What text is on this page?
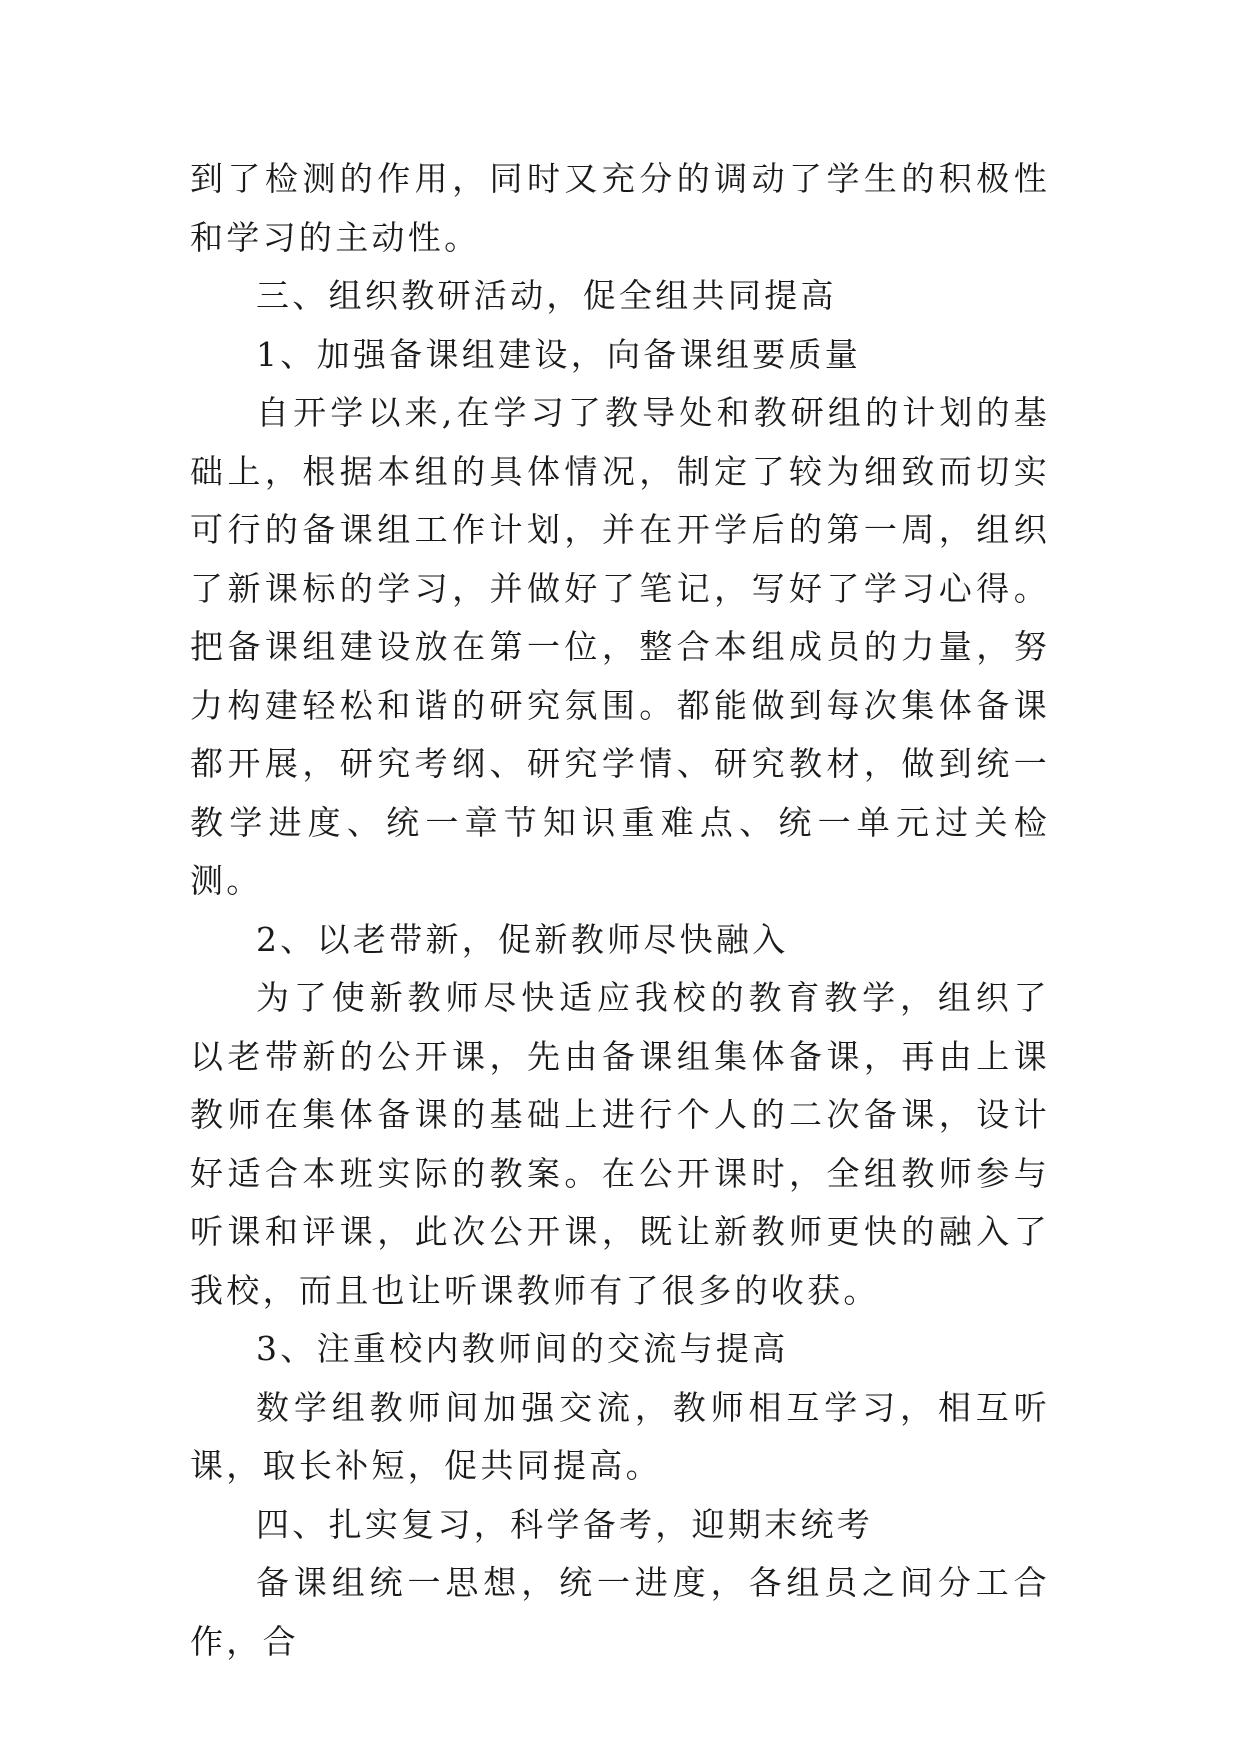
到了检测的作用，同时又充分的调动了学生的积极性和学习的主动性。

三、组织教研活动，促全组共同提高

1、加强备课组建设，向备课组要质量

自开学以来,在学习了教导处和教研组的计划的基础上，根据本组的具体情况，制定了较为细致而切实可行的备课组工作计划，并在开学后的第一周，组织了新课标的学习，并做好了笔记，写好了学习心得。把备课组建设放在第一位，整合本组成员的力量，努力构建轻松和谐的研究氛围。都能做到每次集体备课都开展，研究考纲、研究学情、研究教材，做到统一教学进度、统一章节知识重难点、统一单元过关检测。

2、以老带新，促新教师尽快融入

为了使新教师尽快适应我校的教育教学，组织了以老带新的公开课，先由备课组集体备课，再由上课教师在集体备课的基础上进行个人的二次备课，设计好适合本班实际的教案。在公开课时，全组教师参与听课和评课，此次公开课，既让新教师更快的融入了我校，而且也让听课教师有了很多的收获。

3、注重校内教师间的交流与提高

数学组教师间加强交流，教师相互学习，相互听课，取长补短，促共同提高。

四、扎实复习，科学备考，迎期末统考

备课组统一思想，统一进度，各组员之间分工合作，合
